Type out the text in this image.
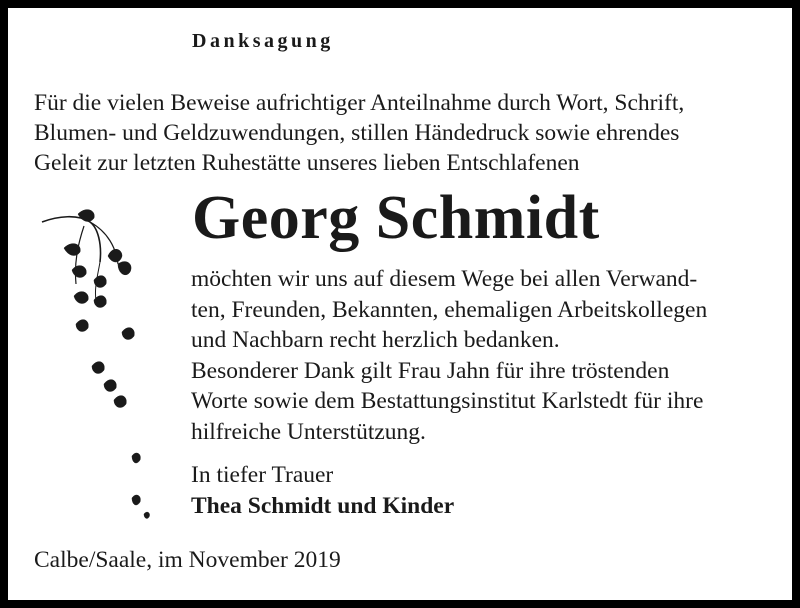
Danksagung
Für die vielen Beweise aufrichtiger Anteilnahme durch Wort, Schrift,
Blumen- und Geldzuwendungen, stillen Händedruck sowie ehrendes
Geleit zur letzten Ruhestätte unseres lieben Entschlafenen
Georg Schmidt
möchten wir uns auf diesem Wege bei allen Verwand-
ten, Freunden, Bekannten, ehemaligen Arbeitskollegen
und Nachbarn recht herzlich bedanken.
Besonderer Dank gilt Frau Jahn für ihre tröstenden
Worte sowie dem Bestattungsinstitut Karlstedt für ihre
hilfreiche Unterstützung.
In tiefer Trauer
Thea Schmidt und Kinder
Calbe/Saale, im November 2019
